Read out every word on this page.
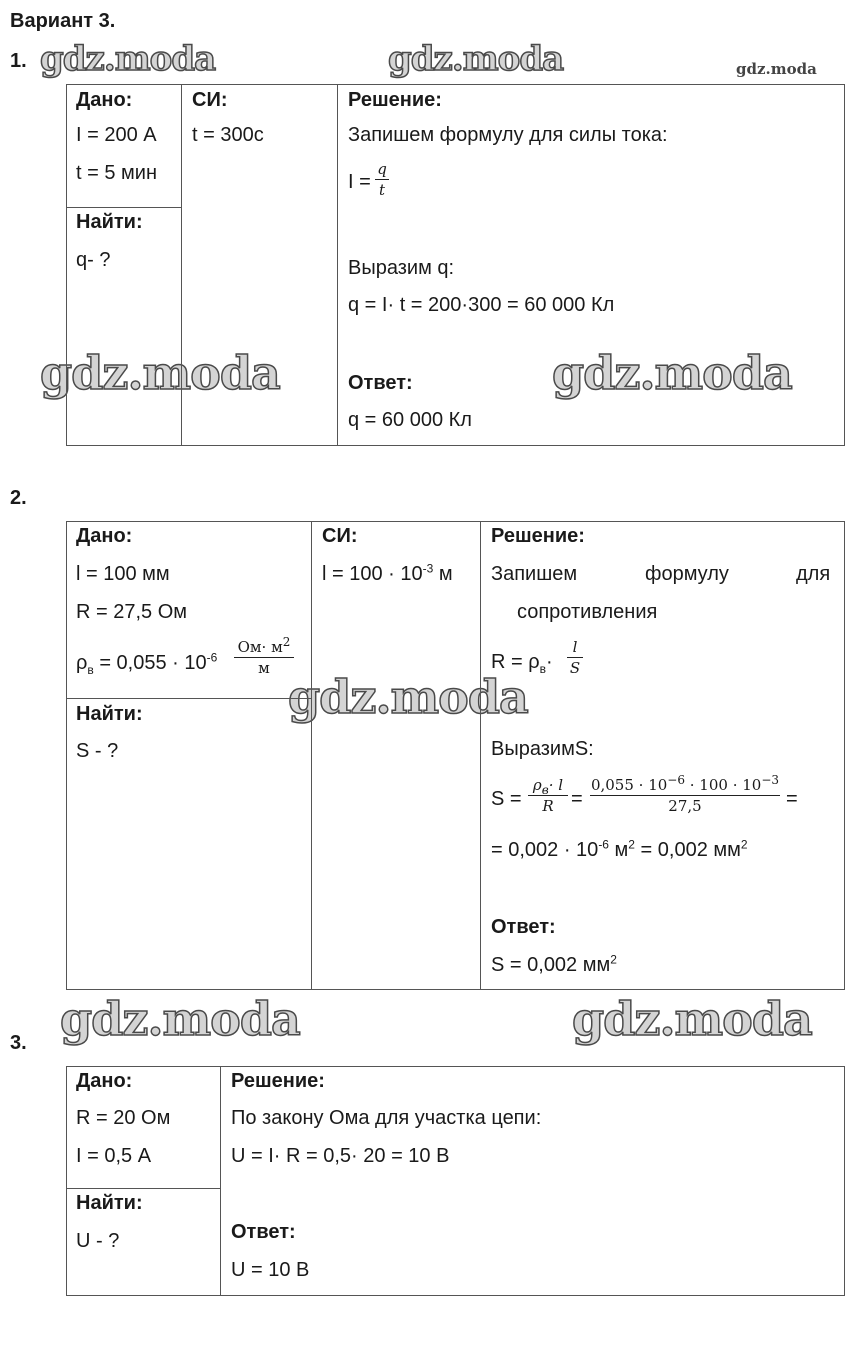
Вариант 3.
gdz.moda	gdz.moda	gdz.moda
gdz.moda	gdz.moda
gdz.moda
gdz.moda	gdz.moda
1.
Дано:
I = 200 А
t = 5 мин
Найти:
q- ?
СИ:
t = 300с
Решение:
Запишем формулу для силы тока:
I =
q
t
Выразим q:
q = I· t = 200·300 = 60 000 Кл
Ответ:
q = 60 000 Кл
2.
Дано:
l = 100 мм
R = 27,5 Ом
$\rho_в = 0,055 \cdot 10^{-6}$
$Ом\cdot м^2$
м
Найти:
S - ?
СИ:
$l = 100 \cdot 10^{-3}$ м
Решение:
Запишем	формулу	для
сопротивления
$R = \rho_в\cdot$
l
S
ВыразимS:
S =
$\rho_в\cdot l$
R =
$0,055 \cdot 10^{-6} \cdot 100 \cdot 10^{-3}$
27,5	=
= $0,002 \cdot 10^{-6}$ $м^2 = 0,002$ $мм^2$
Ответ:
S = 0,002 $мм^2$
3.
Дано:
R = 20 Ом
I = 0,5 А
Найти:
U - ?
Решение:
По закону Ома для участка цепи:
U = I· R = 0,5· 20 = 10 В
Ответ:
U = 10 В
